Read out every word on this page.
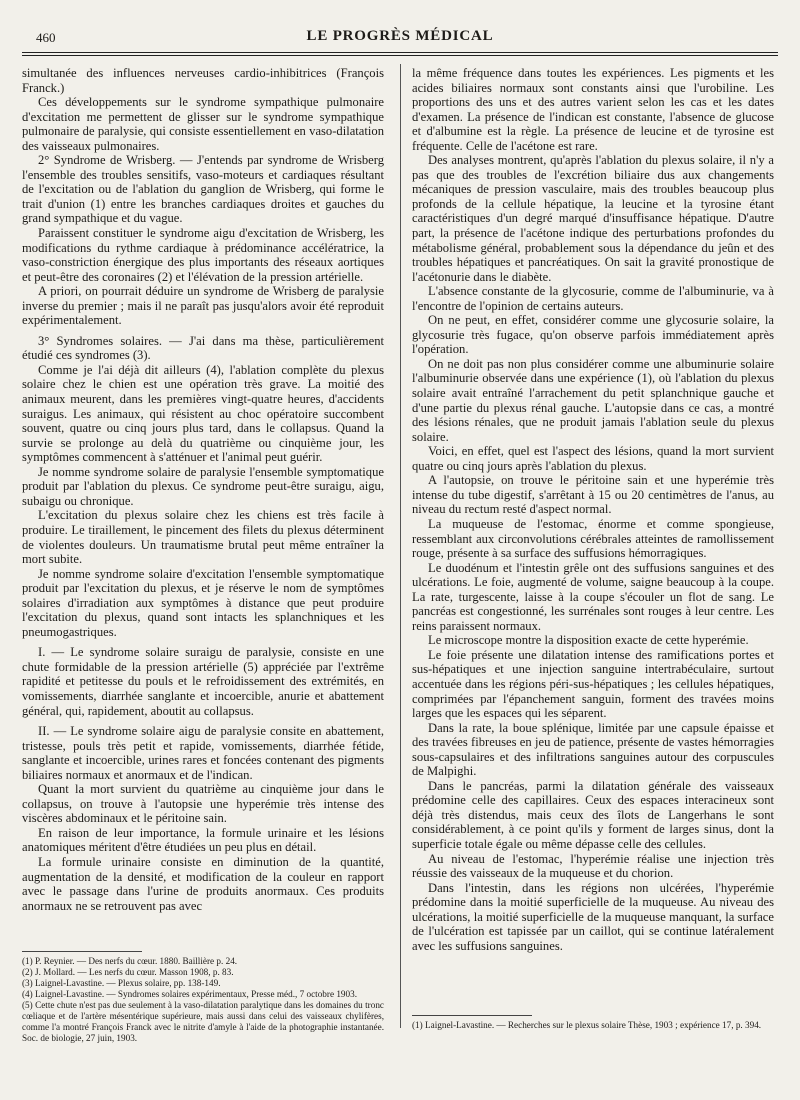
460	LE PROGRÈS MÉDICAL

simultanée des influences nerveuses cardio-inhibitrices (François Franck.)

Ces développements sur le syndrome sympathique pulmonaire d'excitation me permettent de glisser sur le syndrome sympathique pulmonaire de paralysie, qui consiste essentiellement en vaso-dilatation des vaisseaux pulmonaires.

2° Syndrome de Wrisberg. — J'entends par syndrome de Wrisberg l'ensemble des troubles sensitifs, vaso-moteurs et cardiaques résultant de l'excitation ou de l'ablation du ganglion de Wrisberg, qui forme le trait d'union (1) entre les branches cardiaques droites et gauches du grand sympathique et du vague.

Paraissent constituer le syndrome aigu d'excitation de Wrisberg, les modifications du rythme cardiaque à prédominance accélératrice, la vaso-constriction énergique des plus importants des réseaux aortiques et peut-être des coronaires (2) et l'élévation de la pression artérielle.

A priori, on pourrait déduire un syndrome de Wrisberg de paralysie inverse du premier ; mais il ne paraît pas jusqu'alors avoir été reproduit expérimentalement.

3° Syndromes solaires. — J'ai dans ma thèse, particulièrement étudié ces syndromes (3).

Comme je l'ai déjà dit ailleurs (4), l'ablation complète du plexus solaire chez le chien est une opération très grave. La moitié des animaux meurent, dans les premières vingt-quatre heures, d'accidents suraigus. Les animaux, qui résistent au choc opératoire succombent souvent, quatre ou cinq jours plus tard, dans le collapsus. Quand la survie se prolonge au delà du quatrième ou cinquième jour, les symptômes commencent à s'atténuer et l'animal peut guérir.

Je nomme syndrome solaire de paralysie l'ensemble symptomatique produit par l'ablation du plexus. Ce syndrome peut-être suraigu, aigu, subaigu ou chronique.

L'excitation du plexus solaire chez les chiens est très facile à produire. Le tiraillement, le pincement des filets du plexus déterminent de violentes douleurs. Un traumatisme brutal peut même entraîner la mort subite.

Je nomme syndrome solaire d'excitation l'ensemble symptomatique produit par l'excitation du plexus, et je réserve le nom de symptômes solaires d'irradiation aux symptômes à distance que peut produire l'excitation du plexus, quand sont intacts les splanchniques et les pneumogastriques.

I. — Le syndrome solaire suraigu de paralysie, consiste en une chute formidable de la pression artérielle (5) appréciée par l'extrême rapidité et petitesse du pouls et le refroidissement des extrémités, en vomissements, diarrhée sanglante et incoercible, anurie et abattement général, qui, rapidement, aboutit au collapsus.

II. — Le syndrome solaire aigu de paralysie consite en abattement, tristesse, pouls très petit et rapide, vomissements, diarrhée fétide, sanglante et incoercible, urines rares et foncées contenant des pigments biliaires normaux et anormaux et de l'indican.

Quant la mort survient du quatrième au cinquième jour dans le collapsus, on trouve à l'autopsie une hyperémie très intense des viscères abdominaux et le péritoine sain.

En raison de leur importance, la formule urinaire et les lésions anatomiques méritent d'être étudiées un peu plus en détail.

La formule urinaire consiste en diminution de la quantité, augmentation de la densité, et modification de la couleur en rapport avec le passage dans l'urine de produits anormaux. Ces produits anormaux ne se retrouvent pas avec

la même fréquence dans toutes les expériences. Les pigments et les acides biliaires normaux sont constants ainsi que l'urobiline. Les proportions des uns et des autres varient selon les cas et les dates d'examen. La présence de l'indican est constante, l'absence de glucose et d'albumine est la règle. La présence de leucine et de tyrosine est fréquente. Celle de l'acétone est rare.

Des analyses montrent, qu'après l'ablation du plexus solaire, il n'y a pas que des troubles de l'excrétion biliaire dus aux changements mécaniques de pression vasculaire, mais des troubles beaucoup plus profonds de la cellule hépatique, la leucine et la tyrosine étant caractéristiques d'un degré marqué d'insuffisance hépatique. D'autre part, la présence de l'acétone indique des perturbations profondes du métabolisme général, probablement sous la dépendance du jeûn et des troubles hépatiques et pancréatiques. On sait la gravité pronostique de l'acétonurie dans le diabète.

L'absence constante de la glycosurie, comme de l'albuminurie, va à l'encontre de l'opinion de certains auteurs.

On ne peut, en effet, considérer comme une glycosurie solaire, la glycosurie très fugace, qu'on observe parfois immédiatement après l'opération.

On ne doit pas non plus considérer comme une albuminurie solaire l'albuminurie observée dans une expérience (1), où l'ablation du plexus solaire avait entraîné l'arrachement du petit splanchnique gauche et d'une partie du plexus rénal gauche. L'autopsie dans ce cas, a montré des lésions rénales, que ne produit jamais l'ablation seule du plexus solaire.

Voici, en effet, quel est l'aspect des lésions, quand la mort survient quatre ou cinq jours après l'ablation du plexus.

A l'autopsie, on trouve le péritoine sain et une hyperémie très intense du tube digestif, s'arrêtant à 15 ou 20 centimètres de l'anus, au niveau du rectum resté d'aspect normal.

La muqueuse de l'estomac, énorme et comme spongieuse, ressemblant aux circonvolutions cérébrales atteintes de ramollissement rouge, présente à sa surface des suffusions hémorragiques.

Le duodénum et l'intestin grêle ont des suffusions sanguines et des ulcérations. Le foie, augmenté de volume, saigne beaucoup à la coupe. La rate, turgescente, laisse à la coupe s'écouler un flot de sang. Le pancréas est congestionné, les surrénales sont rouges à leur centre. Les reins paraissent normaux.

Le microscope montre la disposition exacte de cette hyperémie.

Le foie présente une dilatation intense des ramifications portes et sus-hépatiques et une injection sanguine intertrabéculaire, surtout accentuée dans les régions péri-sus-hépatiques ; les cellules hépatiques, comprimées par l'épanchement sanguin, forment des travées moins larges que les espaces qui les séparent.

Dans la rate, la boue splénique, limitée par une capsule épaisse et des travées fibreuses en jeu de patience, présente de vastes hémorragies sous-capsulaires et des infiltrations sanguines autour des corpuscules de Malpighi.

Dans le pancréas, parmi la dilatation générale des vaisseaux prédomine celle des capillaires. Ceux des espaces interacineux sont déjà très distendus, mais ceux des îlots de Langerhans le sont considérablement, à ce point qu'ils y forment de larges sinus, dont la superficie totale égale ou même dépasse celle des cellules.

Au niveau de l'estomac, l'hyperémie réalise une injection très réussie des vaisseaux de la muqueuse et du chorion.

Dans l'intestin, dans les régions non ulcérées, l'hyperémie prédomine dans la moitié superficielle de la muqueuse. Au niveau des ulcérations, la moitié superficielle de la muqueuse manquant, la surface de l'ulcération est tapissée par un caillot, qui se continue latéralement avec les suffusions sanguines.

(1) P. Reynier. — Des nerfs du cœur. 1880. Baillière p. 24.

(2) J. Mollard. — Les nerfs du cœur. Masson 1908, p. 83.

(3) Laignel-Lavastine. — Plexus solaire, pp. 138-149.

(4) Laignel-Lavastine. — Syndromes solaires expérimentaux, Presse méd., 7 octobre 1903.

(5) Cette chute n'est pas due seulement à la vaso-dilatation paralytique dans les domaines du tronc cœliaque et de l'artère mésentérique supérieure, mais aussi dans celui des vaisseaux chylifères, comme l'a montré François Franck avec le nitrite d'amyle à l'aide de la photographie instantanée. Soc. de biologie, 27 juin, 1903.

(1) Laignel-Lavastine. — Recherches sur le plexus solaire Thèse, 1903 ; expérience 17, p. 394.
